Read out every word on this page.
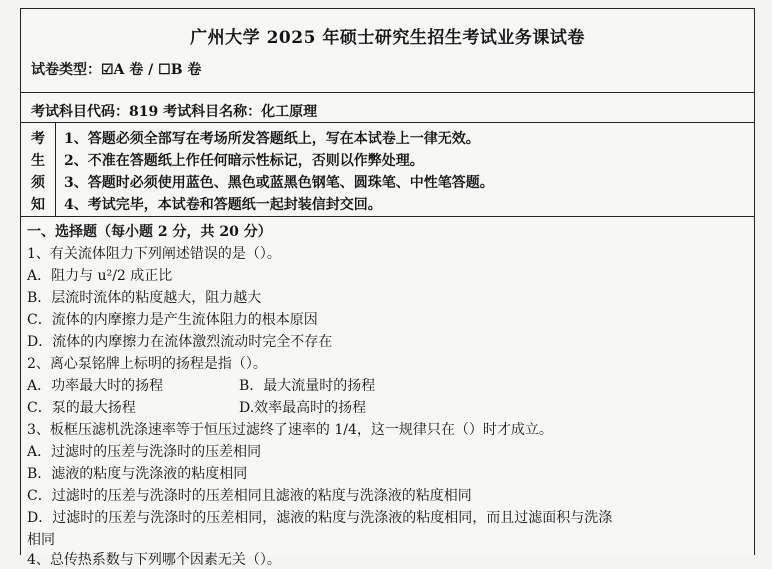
广州大学 2025 年硕士研究生招生考试业务课试卷
试卷类型：☑A 卷 / ☐B 卷
考试科目代码：819 考试科目名称：化工原理
考
生
须
知
1、答题必须全部写在考场所发答题纸上，写在本试卷上一律无效。
2、不准在答题纸上作任何暗示性标记，否则以作弊处理。
3、答题时必须使用蓝色、黑色或蓝黑色钢笔、圆珠笔、中性笔答题。
4、考试完毕，本试卷和答题纸一起封装信封交回。
一、选择题（每小题 2 分，共 20 分）
1、有关流体阻力下列阐述错误的是（）。
A．阻力与 u²/2 成正比
B．层流时流体的粘度越大，阻力越大
C．流体的内摩擦力是产生流体阻力的根本原因
D．流体的内摩擦力在流体激烈流动时完全不存在
2、离心泵铭牌上标明的扬程是指（）。
A．功率最大时的扬程	B．最大流量时的扬程
C．泵的最大扬程	D.效率最高时的扬程
3、板框压滤机洗涤速率等于恒压过滤终了速率的 1/4，这一规律只在（）时才成立。
A．过滤时的压差与洗涤时的压差相同
B．滤液的粘度与洗涤液的粘度相同
C．过滤时的压差与洗涤时的压差相同且滤液的粘度与洗涤液的粘度相同
D．过滤时的压差与洗涤时的压差相同，滤液的粘度与洗涤液的粘度相同，而且过滤面积与洗涤
相同
4、总传热系数与下列哪个因素无关（）。
